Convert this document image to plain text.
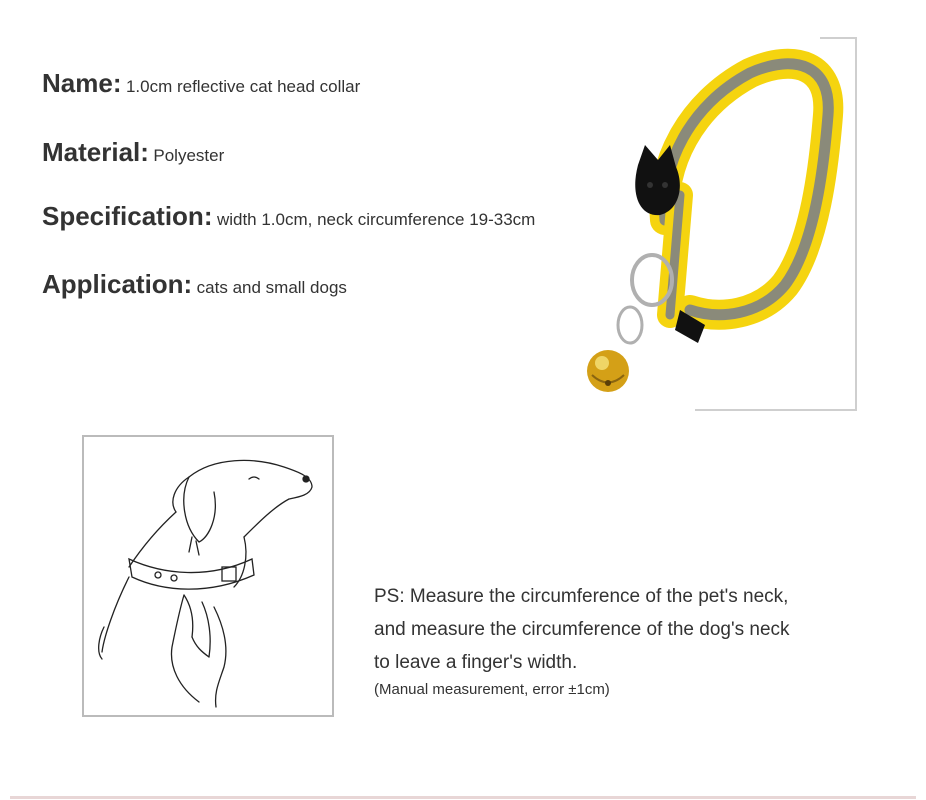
Name: 1.0cm reflective cat head collar
Material: Polyester
Specification: width 1.0cm, neck circumference 19-33cm
Application: cats and small dogs
PS: Measure the circumference of the pet's neck,
and measure the circumference of the dog's neck
to leave a finger's width.
(Manual measurement, error ±1cm)
